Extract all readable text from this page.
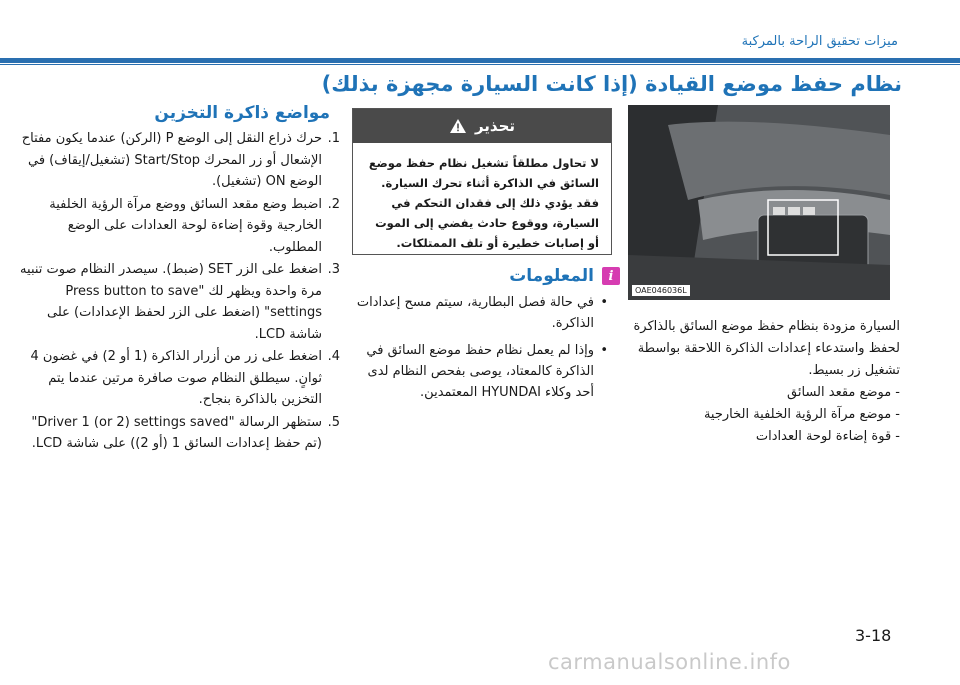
ميزات تحقيق الراحة بالمركبة
نظام حفظ موضع القيادة (إذا كانت السيارة مجهزة بذلك)
OAE046036L
السيارة مزودة بنظام حفظ موضع السائق بالذاكرة لحفظ واستدعاء إعدادات الذاكرة اللاحقة بواسطة تشغيل زر بسيط.
- موضع مقعد السائق
- موضع مرآة الرؤية الخلفية الخارجية
- قوة إضاءة لوحة العدادات
تحذير
لا تحاول مطلقاً تشغيل نظام حفظ موضع السائق في الذاكرة أثناء تحرك السيارة. فقد يؤدي ذلك إلى فقدان التحكم في السيارة، ووقوع حادث يفضي إلى الموت أو إصابات خطيرة أو تلف الممتلكات.
i
المعلومات
• في حالة فصل البطارية، سيتم مسح إعدادات الذاكرة.
• وإذا لم يعمل نظام حفظ موضع السائق في الذاكرة كالمعتاد، يوصى بفحص النظام لدى أحد وكلاء HYUNDAI المعتمدين.
مواضع ذاكرة التخزين
1.
حرك ذراع النقل إلى الوضع P (الركن) عندما يكون مفتاح الإشعال أو زر المحرك Start/Stop (تشغيل/إيقاف) في الوضع ON (تشغيل).
2.
اضبط وضع مقعد السائق ووضع مرآة الرؤية الخلفية الخارجية وقوة إضاءة لوحة العدادات على الوضع المطلوب.
3.
اضغط على الزر SET (ضبط). سيصدر النظام صوت تنبيه مرة واحدة ويظهر لك "Press button to save settings" (اضغط على الزر لحفظ الإعدادات) على شاشة LCD.
4.
اضغط على زر من أزرار الذاكرة (1 أو 2) في غضون 4 ثوانٍ. سيطلق النظام صوت صافرة مرتين عندما يتم التخزين بالذاكرة بنجاح.
5.
ستظهر الرسالة "Driver 1 (or 2) settings saved" (تم حفظ إعدادات السائق 1 (أو 2)) على شاشة LCD.
3-18
carmanualsonline.info
